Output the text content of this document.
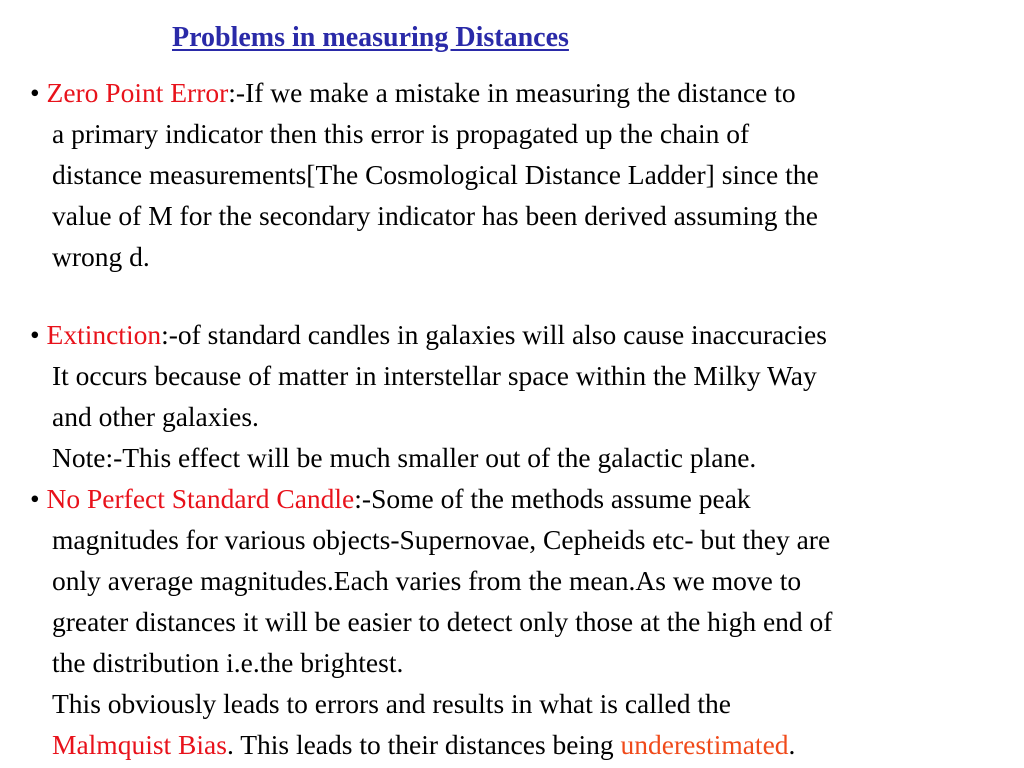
Problems in measuring Distances
• Zero Point Error:-If we make a mistake in measuring the distance to
a primary indicator then this error is propagated up the chain of
distance measurements[The Cosmological Distance Ladder] since the
value of M for the secondary indicator has been derived assuming the
wrong d.
• Extinction:-of standard candles in galaxies will also cause inaccuracies
It occurs because of matter in interstellar space within the Milky Way
and other galaxies.
Note:-This effect will be much smaller out of the galactic plane.
• No Perfect Standard Candle:-Some of the methods assume peak
magnitudes for various objects-Supernovae, Cepheids etc- but they are
only average magnitudes.Each varies from the mean.As we move to
greater distances it will be easier to detect only those at the high end of
the distribution i.e.the brightest.
This obviously leads to errors and results in what is called the
Malmquist Bias. This leads to their distances being underestimated.
